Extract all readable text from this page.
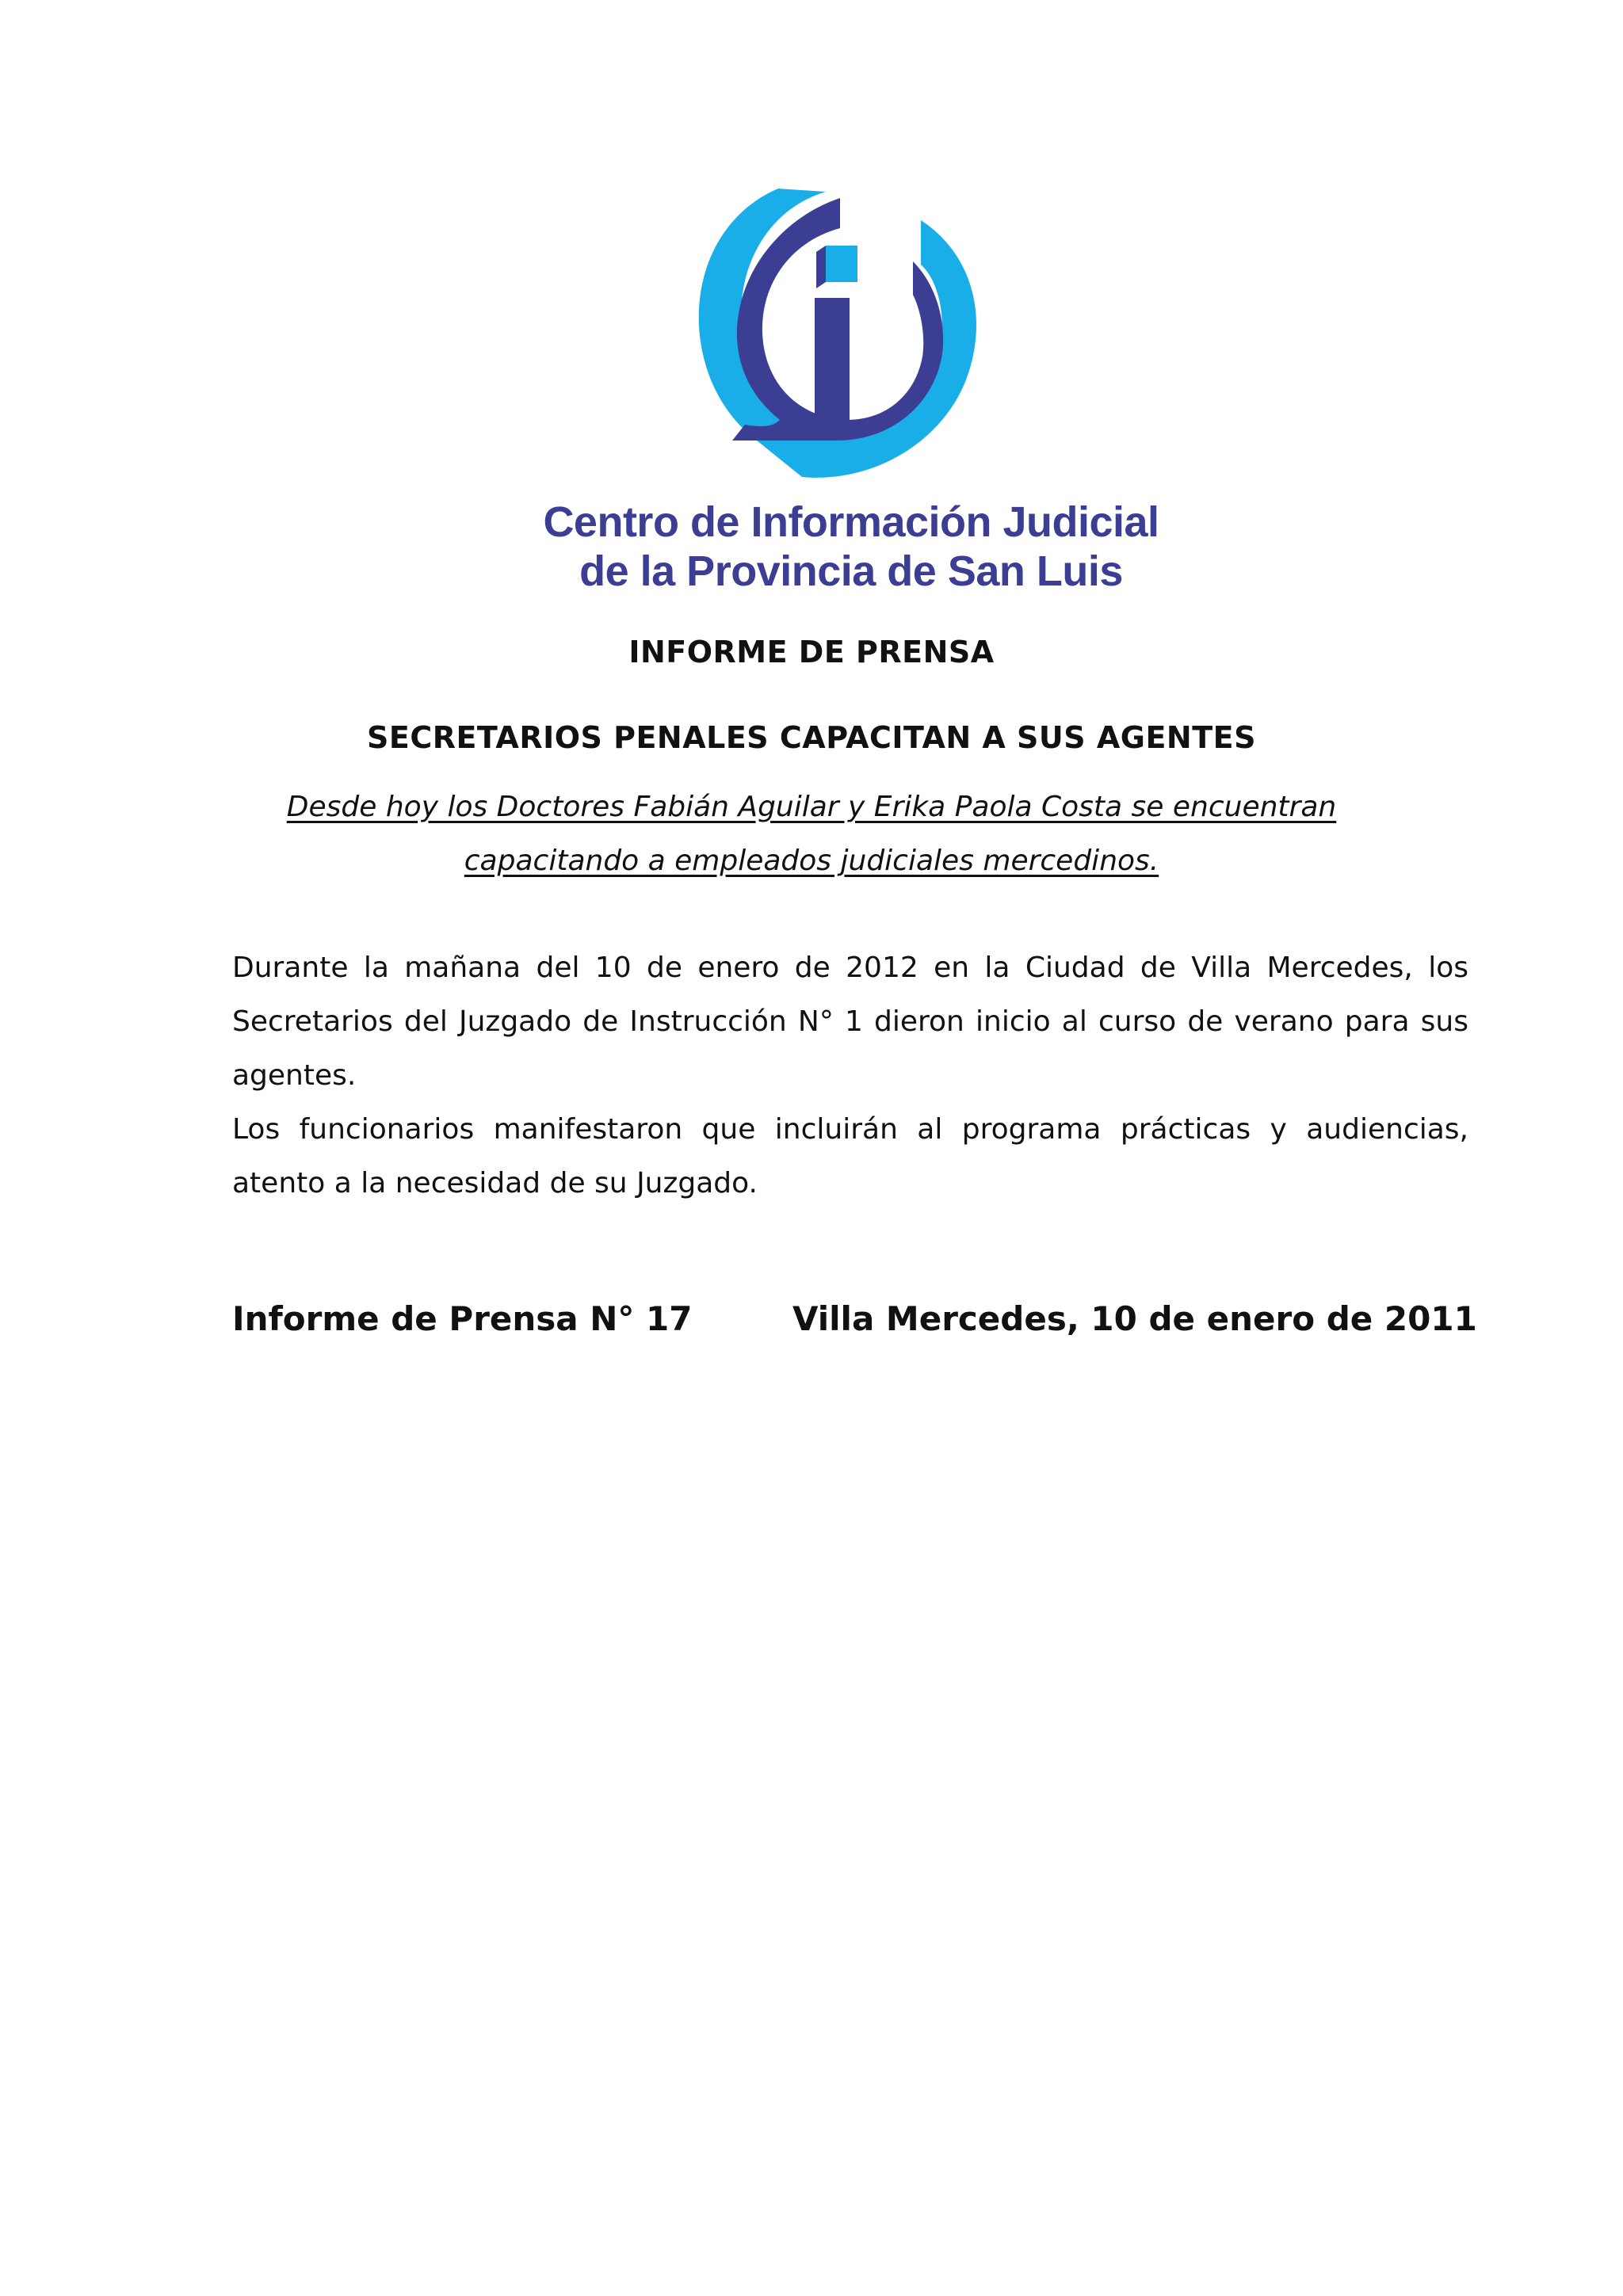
Centro de Información Judicial
de la Provincia de San Luis
INFORME DE PRENSA
SECRETARIOS PENALES CAPACITAN A SUS AGENTES
Desde hoy los Doctores Fabián Aguilar y Erika Paola Costa se encuentran
capacitando a empleados judiciales mercedinos.

Durante la mañana del 10 de enero de 2012 en la Ciudad de Villa Mercedes, los Secretarios del Juzgado de Instrucción N° 1 dieron inicio al curso de verano para sus agentes.

Los funcionarios manifestaron que incluirán al programa prácticas y audiencias, atento a la necesidad de su Juzgado.

Informe de Prensa N° 17	Villa Mercedes, 10 de enero de 2011
